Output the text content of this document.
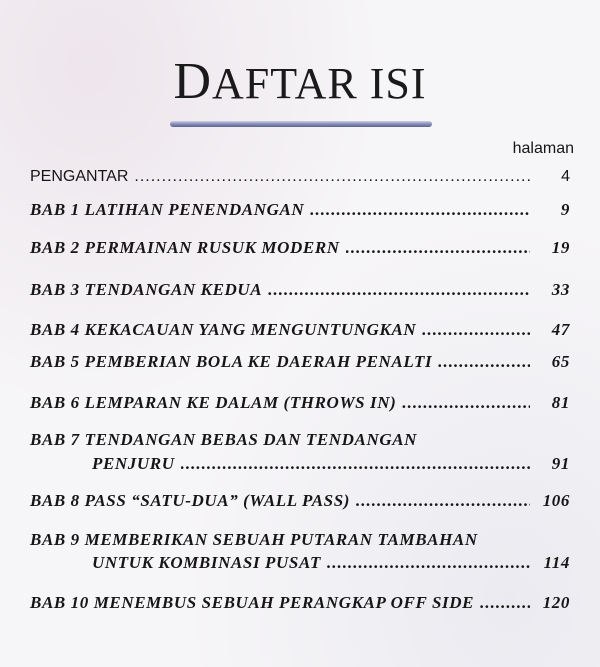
DAFTAR ISI
halaman
PENGANTAR .....	4
BAB 1 LATIHAN PENENDANGAN .....	9
BAB 2 PERMAINAN RUSUK MODERN .....	19
BAB 3 TENDANGAN KEDUA .....	33
BAB 4 KEKACAUAN YANG MENGUNTUNGKAN .....	47
BAB 5 PEMBERIAN BOLA KE DAERAH PENALTI .....	65
BAB 6 LEMPARAN KE DALAM (THROWS IN) .....	81
BAB 7 TENDANGAN BEBAS DAN TENDANGAN
PENJURU .....	91
BAB 8 PASS “SATU-DUA” (WALL PASS) .....	106
BAB 9 MEMBERIKAN SEBUAH PUTARAN TAMBAHAN
UNTUK KOMBINASI PUSAT .....	114
BAB 10 MENEMBUS SEBUAH PERANGKAP OFF SIDE .....	120
